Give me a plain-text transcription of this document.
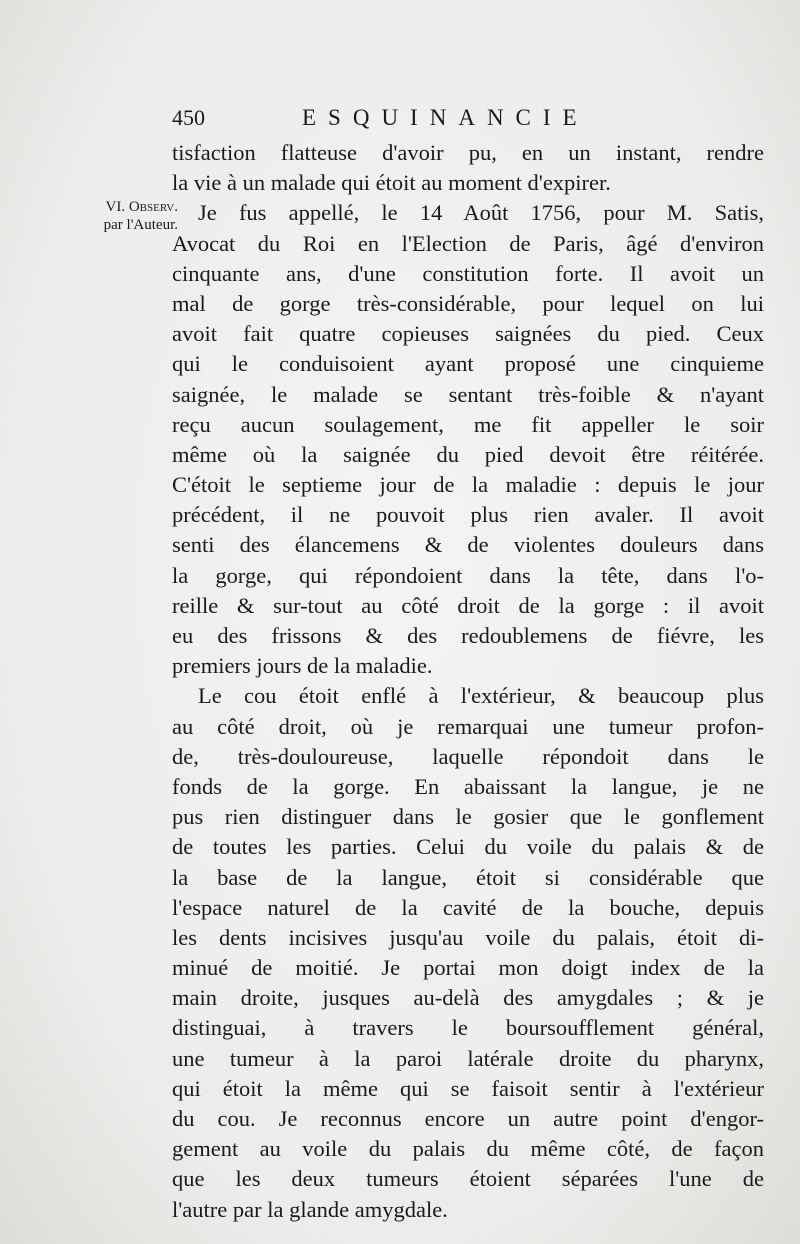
450	ESQUINANCIE
VI. Observ.
par l'Auteur.
tisfaction flatteuse d'avoir pu, en un instant, rendre
la vie à un malade qui étoit au moment d'expirer.
Je fus appellé, le 14 Août 1756, pour M. Satis,
Avocat du Roi en l'Election de Paris, âgé d'environ
cinquante ans, d'une constitution forte. Il avoit un
mal de gorge très-considérable, pour lequel on lui
avoit fait quatre copieuses saignées du pied. Ceux
qui le conduisoient ayant proposé une cinquieme
saignée, le malade se sentant très-foible & n'ayant
reçu aucun soulagement, me fit appeller le soir
même où la saignée du pied devoit être réitérée.
C'étoit le septieme jour de la maladie : depuis le jour
précédent, il ne pouvoit plus rien avaler. Il avoit
senti des élancemens & de violentes douleurs dans
la gorge, qui répondoient dans la tête, dans l'o-
reille & sur-tout au côté droit de la gorge : il avoit
eu des frissons & des redoublemens de fiévre, les
premiers jours de la maladie.
Le cou étoit enflé à l'extérieur, & beaucoup plus
au côté droit, où je remarquai une tumeur profon-
de, très-douloureuse, laquelle répondoit dans le
fonds de la gorge. En abaissant la langue, je ne
pus rien distinguer dans le gosier que le gonflement
de toutes les parties. Celui du voile du palais & de
la base de la langue, étoit si considérable que
l'espace naturel de la cavité de la bouche, depuis
les dents incisives jusqu'au voile du palais, étoit di-
minué de moitié. Je portai mon doigt index de la
main droite, jusques au-delà des amygdales ; & je
distinguai, à travers le boursoufflement général,
une tumeur à la paroi latérale droite du pharynx,
qui étoit la même qui se faisoit sentir à l'extérieur
du cou. Je reconnus encore un autre point d'engor-
gement au voile du palais du même côté, de façon
que les deux tumeurs étoient séparées l'une de
l'autre par la glande amygdale.
